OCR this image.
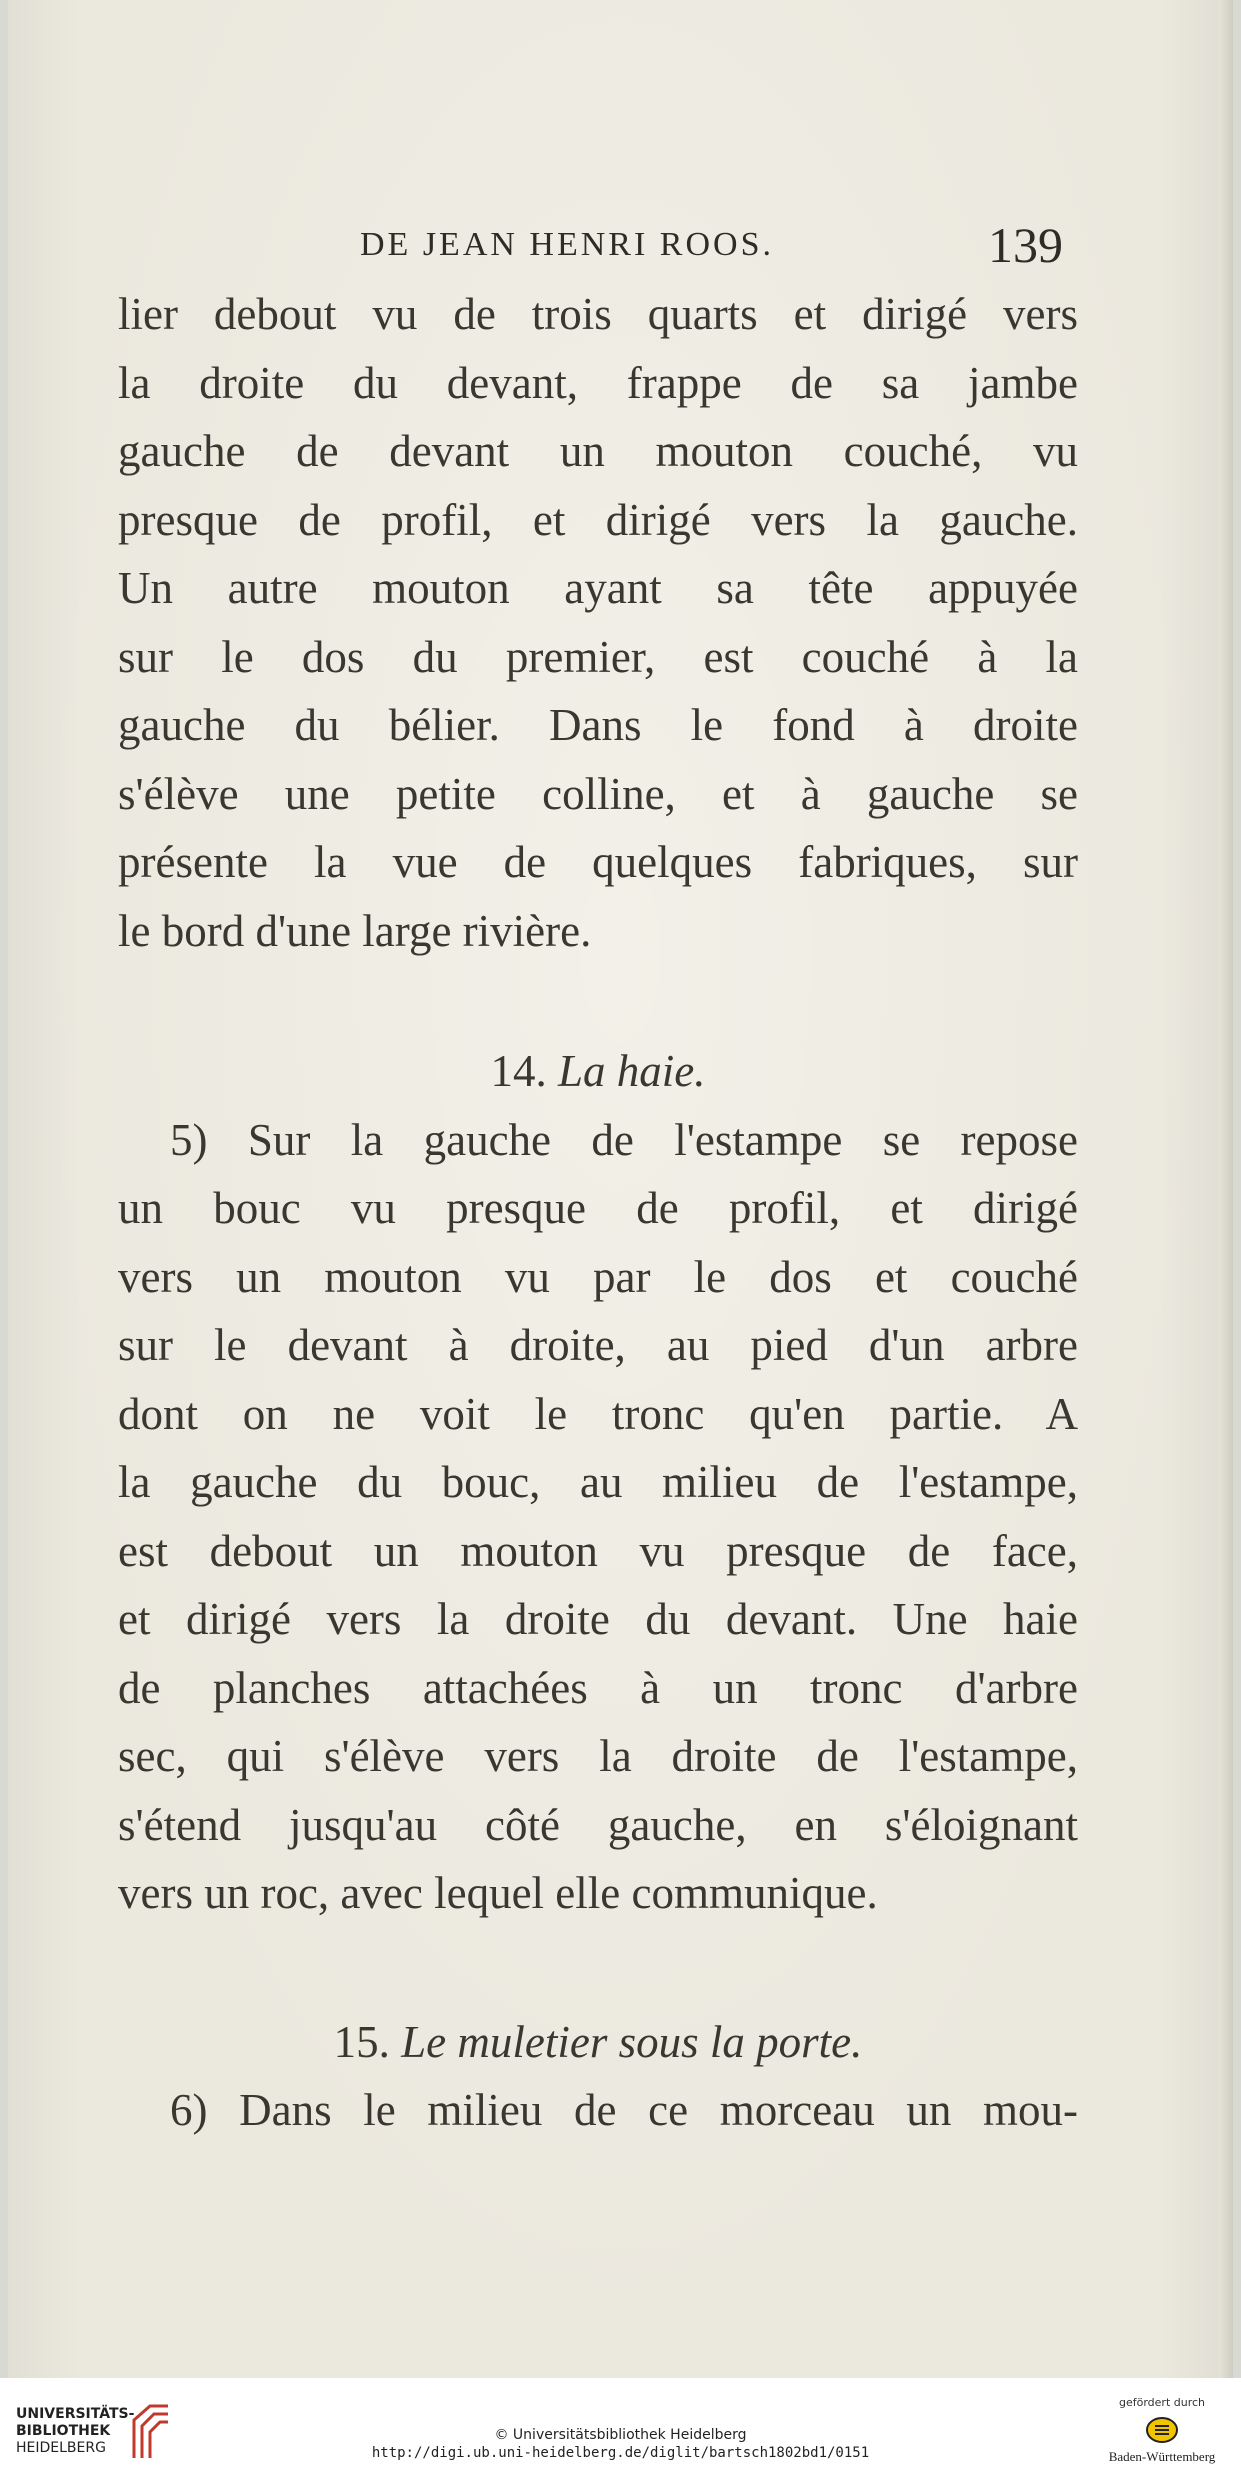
DE JEAN HENRI ROOS.	139
lier debout vu de trois quarts et dirigé vers
la droite du devant, frappe de sa jambe
gauche de devant un mouton couché, vu
presque de profil, et dirigé vers la gauche.
Un autre mouton ayant sa tête appuyée
sur le dos du premier, est couché à la
gauche du bélier. Dans le fond à droite
s'élève une petite colline, et à gauche se
présente la vue de quelques fabriques, sur
le bord d'une large rivière.

14. La haie.

5) Sur la gauche de l'estampe se repose
un bouc vu presque de profil, et dirigé
vers un mouton vu par le dos et couché
sur le devant à droite, au pied d'un arbre
dont on ne voit le tronc qu'en partie. A
la gauche du bouc, au milieu de l'estampe,
est debout un mouton vu presque de face,
et dirigé vers la droite du devant. Une haie
de planches attachées à un tronc d'arbre
sec, qui s'élève vers la droite de l'estampe,
s'étend jusqu'au côté gauche, en s'éloignant
vers un roc, avec lequel elle communique.

15. Le muletier sous la porte.

6) Dans le milieu de ce morceau un mou-
UNIVERSITÄTS-
BIBLIOTHEK
HEIDELBERG
© Universitätsbibliothek Heidelberg
http://digi.ub.uni-heidelberg.de/diglit/bartsch1802bd1/0151
gefördert durch
Baden-Württemberg
